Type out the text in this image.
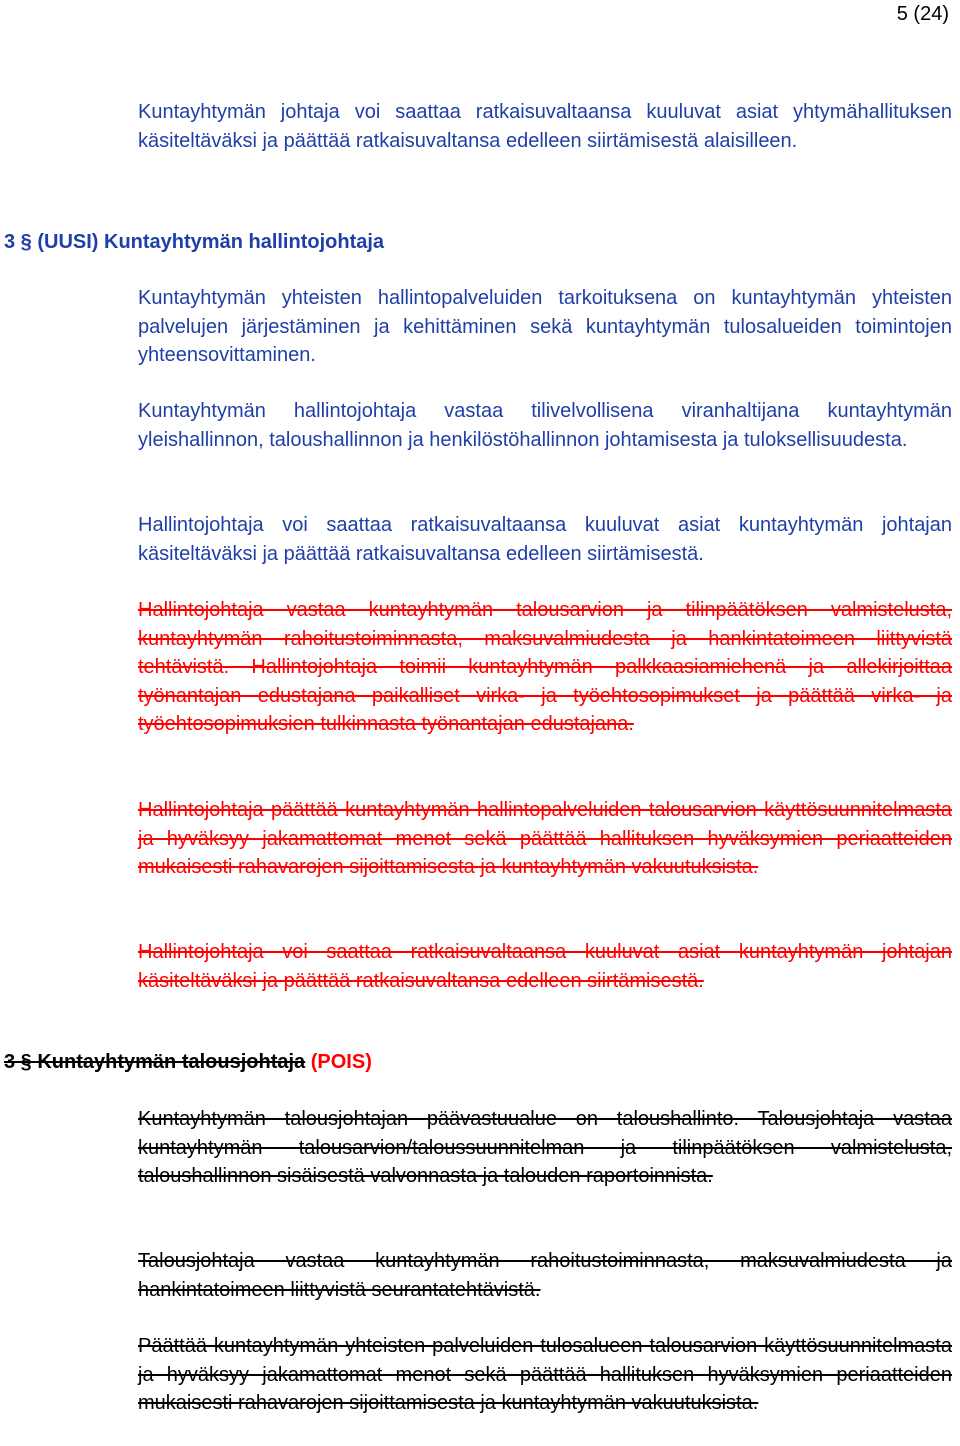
5 (24)

Kuntayhtymän johtaja voi saattaa ratkaisuvaltaansa kuuluvat asiat yhtymähallituksen käsiteltäväksi ja päättää ratkaisuvaltansa edelleen siirtämisestä alaisilleen.

3 § (UUSI) Kuntayhtymän hallintojohtaja

Kuntayhtymän yhteisten hallintopalveluiden tarkoituksena on kuntayhtymän yhteisten palvelujen järjestäminen ja kehittäminen sekä kuntayhtymän tulosalueiden toimintojen yhteensovittaminen.

Kuntayhtymän hallintojohtaja vastaa tilivelvollisena viranhaltijana kuntayhtymän yleishallinnon, taloushallinnon ja henkilöstöhallinnon johtamisesta ja tuloksellisuudesta.

Hallintojohtaja voi saattaa ratkaisuvaltaansa kuuluvat asiat kuntayhtymän johtajan käsiteltäväksi ja päättää ratkaisuvaltansa edelleen siirtämisestä.

Hallintojohtaja vastaa kuntayhtymän talousarvion ja tilinpäätöksen valmistelusta, kuntayhtymän rahoitustoiminnasta, maksuvalmiudesta ja hankintatoimeen liittyvistä tehtävistä. Hallintojohtaja toimii kuntayhtymän palkkaasiamiehenä ja allekirjoittaa työnantajan edustajana paikalliset virka- ja työehtosopimukset ja päättää virka- ja työehtosopimuksien tulkinnasta työnantajan edustajana.

Hallintojohtaja päättää kuntayhtymän hallintopalveluiden talousarvion käyttösuunnitelmasta ja hyväksyy jakamattomat menot sekä päättää hallituksen hyväksymien periaatteiden mukaisesti rahavarojen sijoittamisesta ja kuntayhtymän vakuutuksista.

Hallintojohtaja voi saattaa ratkaisuvaltaansa kuuluvat asiat kuntayhtymän johtajan käsiteltäväksi ja päättää ratkaisuvaltansa edelleen siirtämisestä.

3 § Kuntayhtymän talousjohtaja (POIS)

Kuntayhtymän talousjohtajan päävastuualue on taloushallinto. Talousjohtaja vastaa kuntayhtymän talousarvion/taloussuunnitelman ja tilinpäätöksen valmistelusta, taloushallinnon sisäisestä valvonnasta ja talouden raportoinnista.

Talousjohtaja vastaa kuntayhtymän rahoitustoiminnasta, maksuvalmiudesta ja hankintatoimeen liittyvistä seurantatehtävistä.

Päättää kuntayhtymän yhteisten palveluiden tulosalueen talousarvion käyttösuunnitelmasta ja hyväksyy jakamattomat menot sekä päättää hallituksen hyväksymien periaatteiden mukaisesti rahavarojen sijoittamisesta ja kuntayhtymän vakuutuksista.
